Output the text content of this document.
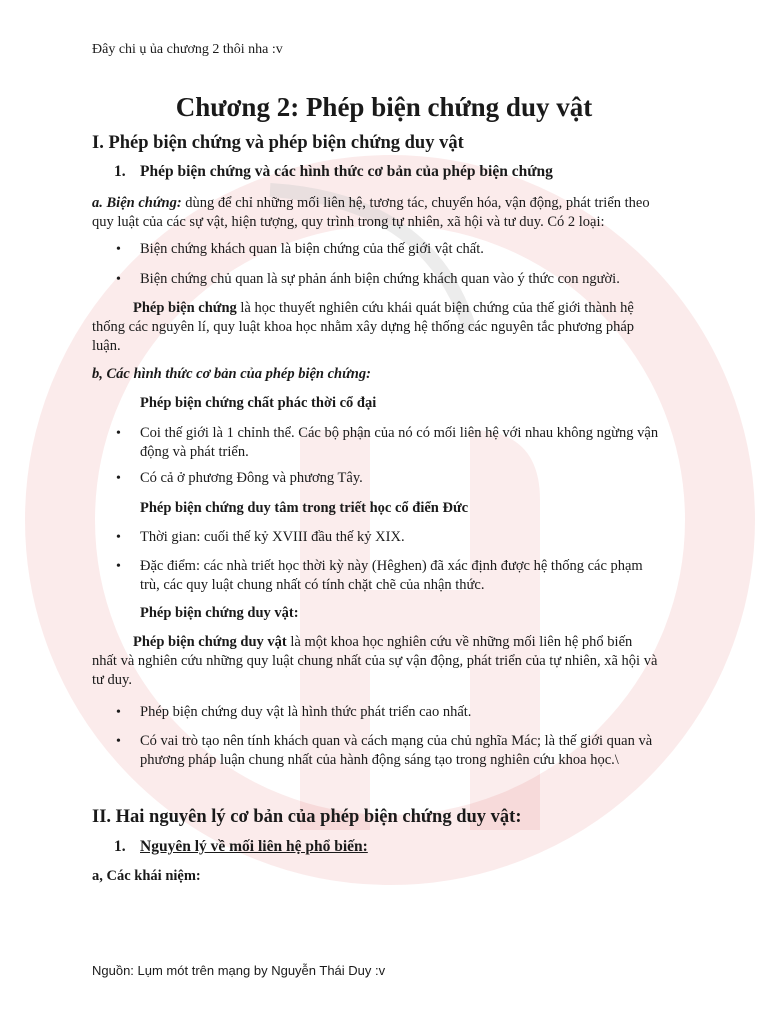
Đây chi ụ ủa chương 2 thôi nha :v
Chương 2: Phép biện chứng duy vật
I. Phép biện chứng và phép biện chứng duy vật
1. Phép biện chứng và các hình thức cơ bản của phép biện chứng
a. Biện chứng: dùng để chỉ những mối liên hệ, tương tác, chuyển hóa, vận động, phát triển theo
quy luật của các sự vật, hiện tượng, quy trình trong tự nhiên, xã hội và tư duy. Có 2 loại:
• Biện chứng khách quan là biện chứng của thế giới vật chất.
• Biện chứng chủ quan là sự phản ánh biện chứng khách quan vào ý thức con người.
Phép biện chứng là học thuyết nghiên cứu khái quát biện chứng của thế giới thành hệ
thống các nguyên lí, quy luật khoa học nhằm xây dựng hệ thống các nguyên tắc phương pháp
luận.
b, Các hình thức cơ bản của phép biện chứng:
Phép biện chứng chất phác thời cổ đại
• Coi thế giới là 1 chỉnh thể. Các bộ phận của nó có mối liên hệ với nhau không ngừng vận
động và phát triển.
• Có cả ở phương Đông và phương Tây.
Phép biện chứng duy tâm trong triết học cổ điển Đức
• Thời gian: cuối thế kỷ XVIII đầu thế kỷ XIX.
• Đặc điểm: các nhà triết học thời kỳ này (Hêghen) đã xác định được hệ thống các phạm
trù, các quy luật chung nhất có tính chặt chẽ của nhận thức.
Phép biện chứng duy vật:
Phép biện chứng duy vật là một khoa học nghiên cứu về những mối liên hệ phổ biến
nhất và nghiên cứu những quy luật chung nhất của sự vận động, phát triển của tự nhiên, xã hội và
tư duy.
• Phép biện chứng duy vật là hình thức phát triển cao nhất.
• Có vai trò tạo nên tính khách quan và cách mạng của chủ nghĩa Mác; là thế giới quan và
phương pháp luận chung nhất của hành động sáng tạo trong nghiên cứu khoa học.\
II. Hai nguyên lý cơ bản của phép biện chứng duy vật:
1. Nguyên lý về mối liên hệ phổ biến:
a, Các khái niệm:
Nguồn: Lụm mót trên mạng by Nguyễn Thái Duy :v
